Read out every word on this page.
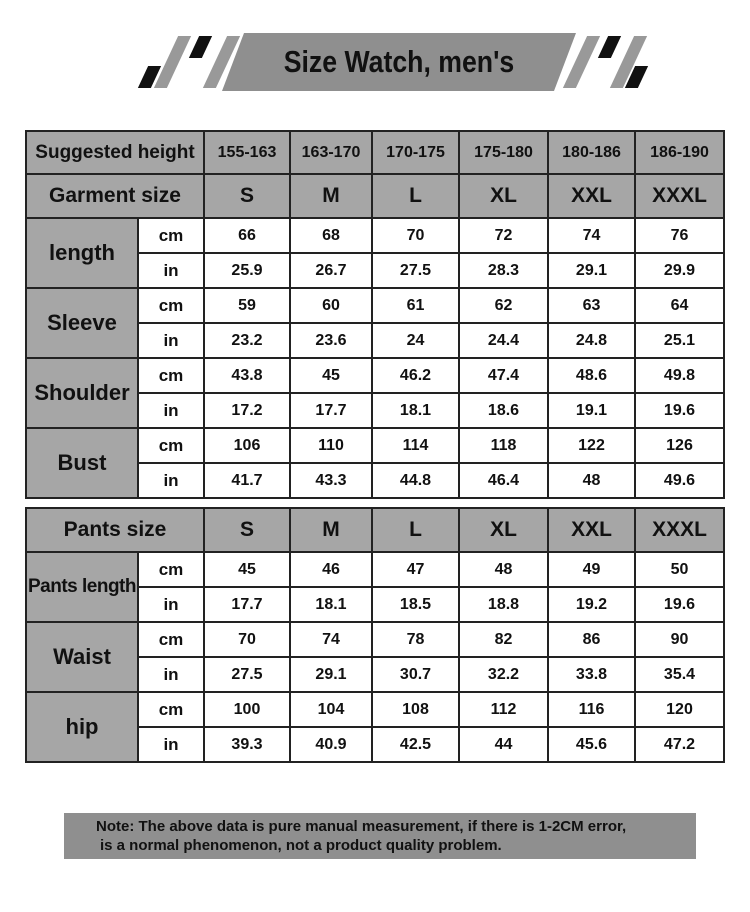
Size Watch, men's
Suggested height		155-163	163-170	170-175	175-180	180-186	186-190
Garment size		S	M	L	XL	XXL	XXXL
length	cm	66	68	70	72	74	76
	in	25.9	26.7	27.5	28.3	29.1	29.9
Sleeve	cm	59	60	61	62	63	64
	in	23.2	23.6	24	24.4	24.8	25.1
Shoulder	cm	43.8	45	46.2	47.4	48.6	49.8
	in	17.2	17.7	18.1	18.6	19.1	19.6
Bust	cm	106	110	114	118	122	126
	in	41.7	43.3	44.8	46.4	48	49.6
Pants size		S	M	L	XL	XXL	XXXL
Pants length	cm	45	46	47	48	49	50
	in	17.7	18.1	18.5	18.8	19.2	19.6
Waist	cm	70	74	78	82	86	90
	in	27.5	29.1	30.7	32.2	33.8	35.4
hip	cm	100	104	108	112	116	120
	in	39.3	40.9	42.5	44	45.6	47.2
Note: The above data is pure manual measurement, if there is 1-2CM error,
is a normal phenomenon, not a product quality problem.
